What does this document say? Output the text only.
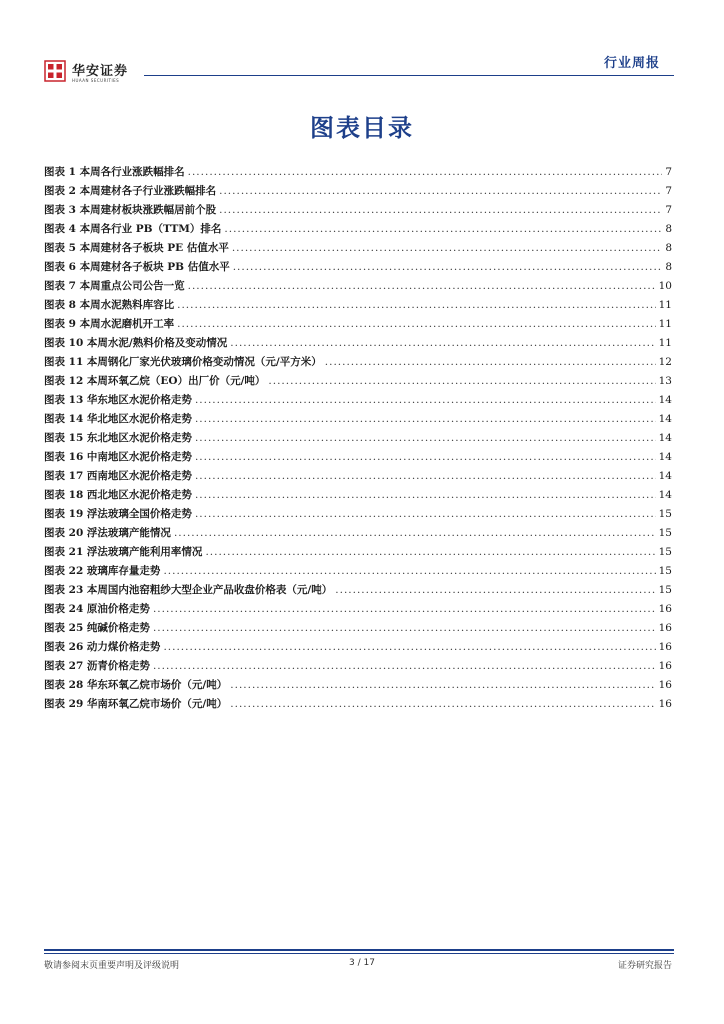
华安证券
HUAAN SECURITIES
行业周报
图表目录
图表 1 本周各行业涨跌幅排名 .....	7
图表 2 本周建材各子行业涨跌幅排名 .....	7
图表 3 本周建材板块涨跌幅居前个股 .....	7
图表 4 本周各行业 PB（TTM）排名 .....	8
图表 5 本周建材各子板块 PE 估值水平 .....	8
图表 6 本周建材各子板块 PB 估值水平 .....	8
图表 7 本周重点公司公告一览 .....	10
图表 8 本周水泥熟料库容比 .....	11
图表 9 本周水泥磨机开工率 .....	11
图表 10 本周水泥/熟料价格及变动情况 .....	11
图表 11 本周钢化厂家光伏玻璃价格变动情况（元/平方米） .....	12
图表 12 本周环氧乙烷（EO）出厂价（元/吨） .....	13
图表 13 华东地区水泥价格走势 .....	14
图表 14 华北地区水泥价格走势 .....	14
图表 15 东北地区水泥价格走势 .....	14
图表 16 中南地区水泥价格走势 .....	14
图表 17 西南地区水泥价格走势 .....	14
图表 18 西北地区水泥价格走势 .....	14
图表 19 浮法玻璃全国价格走势 .....	15
图表 20 浮法玻璃产能情况 .....	15
图表 21 浮法玻璃产能利用率情况 .....	15
图表 22 玻璃库存量走势 .....	15
图表 23 本周国内池窑粗纱大型企业产品收盘价格表（元/吨） .....	15
图表 24 原油价格走势 .....	16
图表 25 纯碱价格走势 .....	16
图表 26 动力煤价格走势 .....	16
图表 27 沥青价格走势 .....	16
图表 28 华东环氧乙烷市场价（元/吨） .....	16
图表 29 华南环氧乙烷市场价（元/吨） .....	16
敬请参阅末页重要声明及评级说明	3 / 17	证券研究报告
